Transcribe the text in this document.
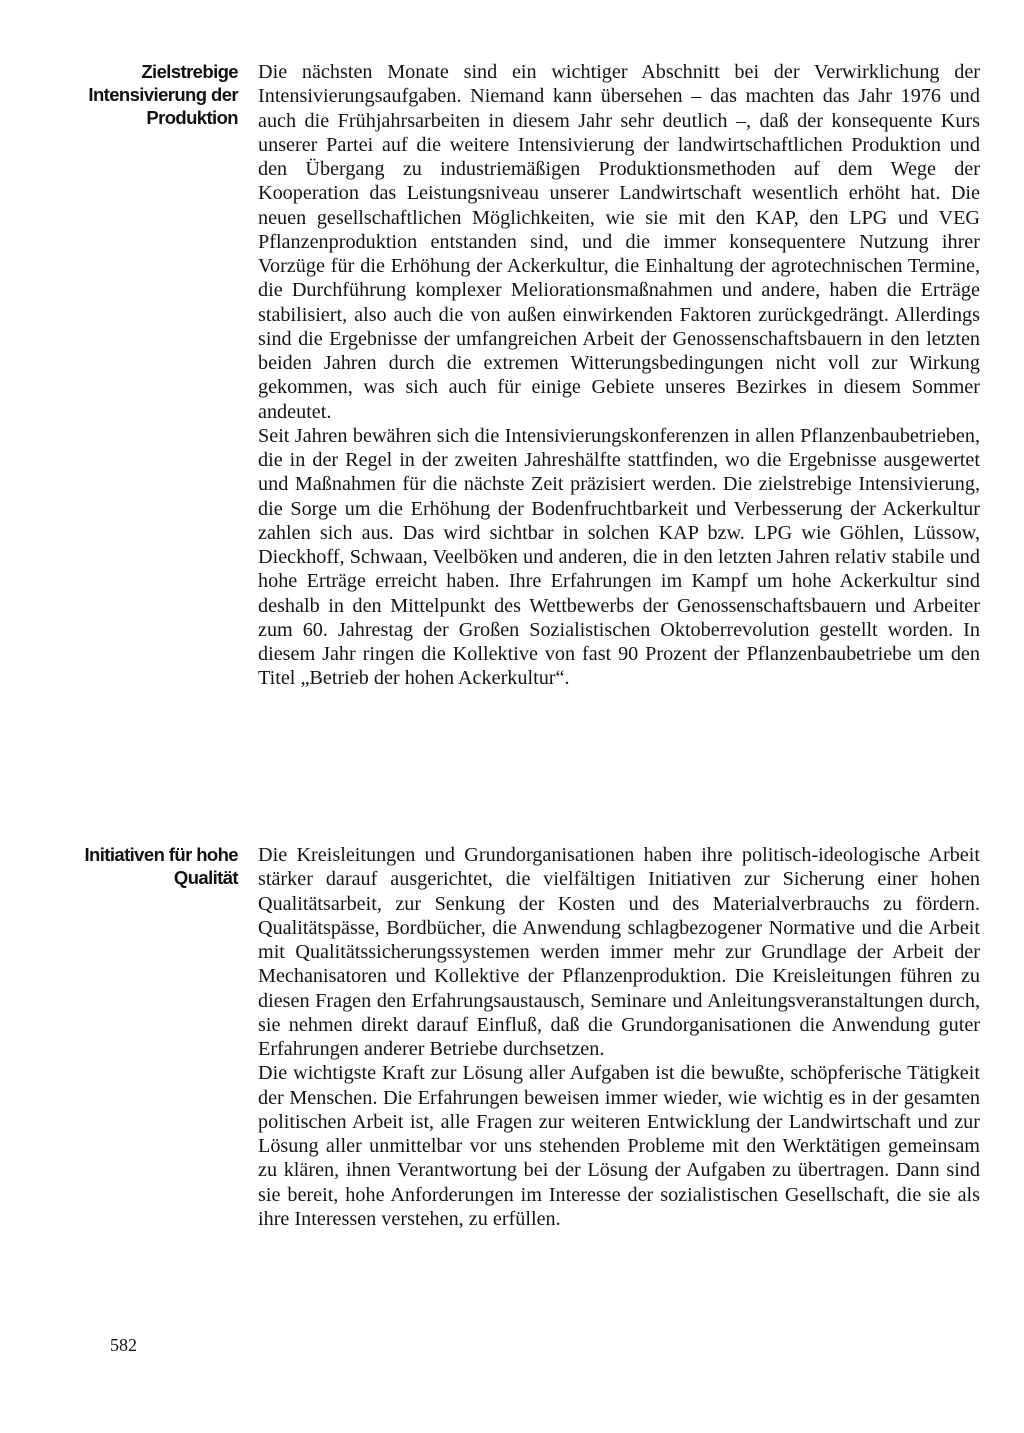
Zielstrebige Intensivierung der Produktion

Die nächsten Monate sind ein wichtiger Abschnitt bei der Verwirklichung der Intensivierungsaufgaben. Niemand kann übersehen – das machten das Jahr 1976 und auch die Frühjahrsarbeiten in diesem Jahr sehr deutlich –, daß der konsequente Kurs unserer Partei auf die weitere Intensivierung der landwirtschaftlichen Produktion und den Übergang zu industriemäßigen Produktionsmethoden auf dem Wege der Kooperation das Leistungsniveau unserer Landwirtschaft wesentlich erhöht hat. Die neuen gesellschaftlichen Möglichkeiten, wie sie mit den KAP, den LPG und VEG Pflanzenproduktion entstanden sind, und die immer konsequentere Nutzung ihrer Vorzüge für die Erhöhung der Ackerkultur, die Einhaltung der agrotechnischen Termine, die Durchführung komplexer Meliorationsmaßnahmen und andere, haben die Erträge stabilisiert, also auch die von außen einwirkenden Faktoren zurückgedrängt. Allerdings sind die Ergebnisse der umfangreichen Arbeit der Genossenschaftsbauern in den letzten beiden Jahren durch die extremen Witterungsbedingungen nicht voll zur Wirkung gekommen, was sich auch für einige Gebiete unseres Bezirkes in diesem Sommer andeutet.

Seit Jahren bewähren sich die Intensivierungskonferenzen in allen Pflanzenbaubetrieben, die in der Regel in der zweiten Jahreshälfte stattfinden, wo die Ergebnisse ausgewertet und Maßnahmen für die nächste Zeit präzisiert werden. Die zielstrebige Intensivierung, die Sorge um die Erhöhung der Bodenfruchtbarkeit und Verbesserung der Ackerkultur zahlen sich aus. Das wird sichtbar in solchen KAP bzw. LPG wie Göhlen, Lüssow, Dieckhoff, Schwaan, Veelböken und anderen, die in den letzten Jahren relativ stabile und hohe Erträge erreicht haben. Ihre Erfahrungen im Kampf um hohe Ackerkultur sind deshalb in den Mittelpunkt des Wettbewerbs der Genossenschaftsbauern und Arbeiter zum 60. Jahrestag der Großen Sozialistischen Oktoberrevolution gestellt worden. In diesem Jahr ringen die Kollektive von fast 90 Prozent der Pflanzenbaubetriebe um den Titel „Betrieb der hohen Ackerkultur“.

Initiativen für hohe Qualität

Die Kreisleitungen und Grundorganisationen haben ihre politisch-ideologische Arbeit stärker darauf ausgerichtet, die vielfältigen Initiativen zur Sicherung einer hohen Qualitätsarbeit, zur Senkung der Kosten und des Materialverbrauchs zu fördern. Qualitätspässe, Bordbücher, die Anwendung schlagbezogener Normative und die Arbeit mit Qualitätssicherungssystemen werden immer mehr zur Grundlage der Arbeit der Mechanisatoren und Kollektive der Pflanzenproduktion. Die Kreisleitungen führen zu diesen Fragen den Erfahrungsaustausch, Seminare und Anleitungsveranstaltungen durch, sie nehmen direkt darauf Einfluß, daß die Grundorganisationen die Anwendung guter Erfahrungen anderer Betriebe durchsetzen.

Die wichtigste Kraft zur Lösung aller Aufgaben ist die bewußte, schöpferische Tätigkeit der Menschen. Die Erfahrungen beweisen immer wieder, wie wichtig es in der gesamten politischen Arbeit ist, alle Fragen zur weiteren Entwicklung der Landwirtschaft und zur Lösung aller unmittelbar vor uns stehenden Probleme mit den Werktätigen gemeinsam zu klären, ihnen Verantwortung bei der Lösung der Aufgaben zu übertragen. Dann sind sie bereit, hohe Anforderungen im Interesse der sozialistischen Gesellschaft, die sie als ihre Interessen verstehen, zu erfüllen.

582
